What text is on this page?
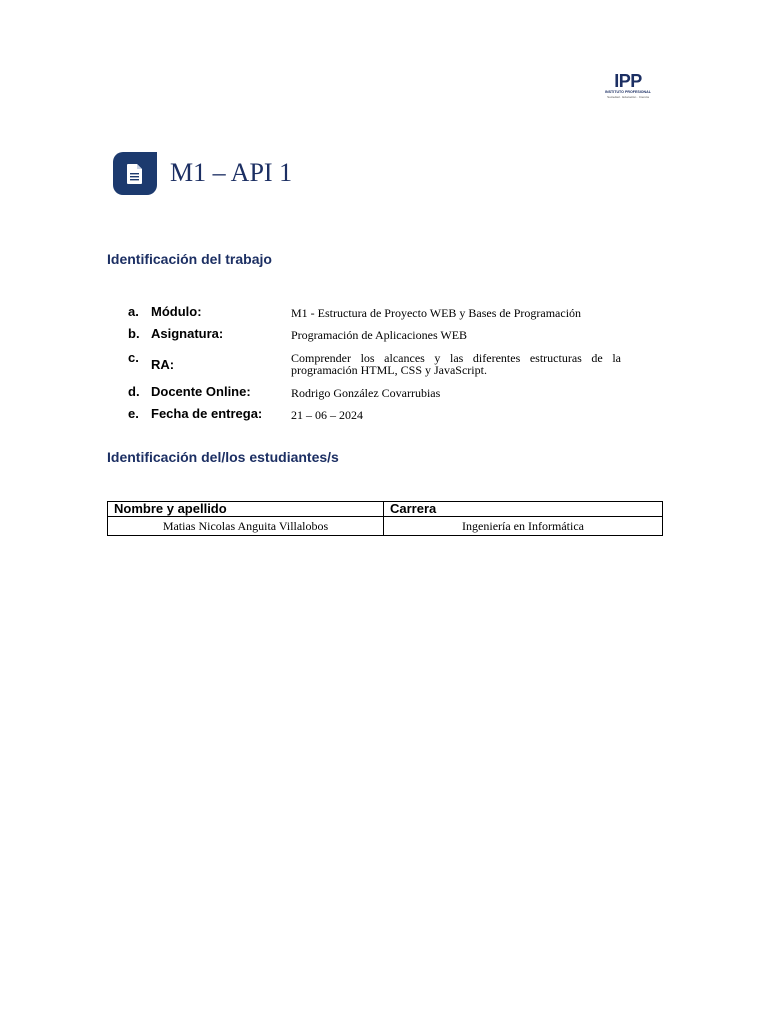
IPP
INSTITUTO PROFESIONAL
Sociedad · Educación · Ciencia
M1 – API 1
Identificación del trabajo
a. Módulo:	M1 - Estructura de Proyecto WEB y Bases de Programación
b. Asignatura:	Programación de Aplicaciones WEB
c. RA:	Comprender los alcances y las diferentes estructuras de la programación HTML, CSS y JavaScript.
d. Docente Online:	Rodrigo González Covarrubias
e. Fecha de entrega: 21 – 06 – 2024
Identificación del/los estudiantes/s
Nombre y apellido	Carrera
Matias Nicolas Anguita Villalobos	Ingeniería en Informática
